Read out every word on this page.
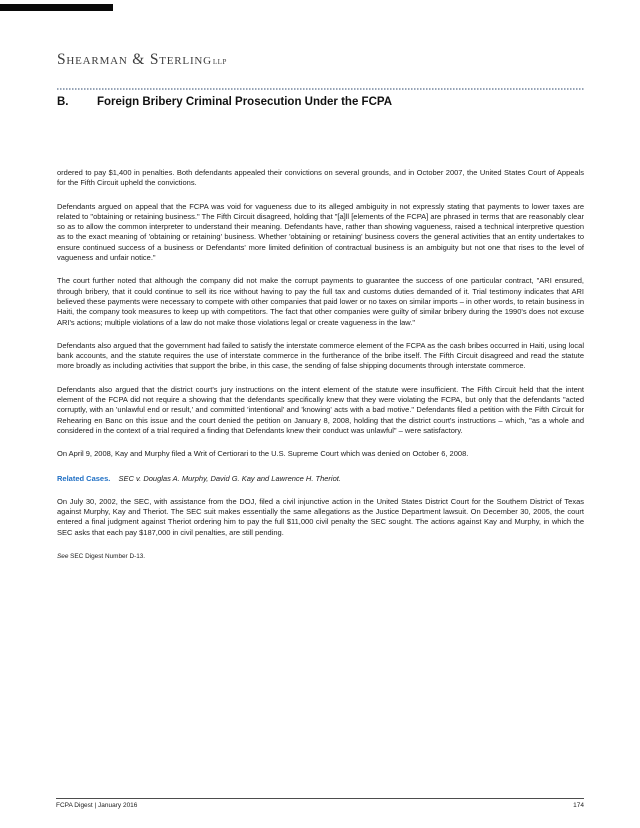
Shearman & SterlingLLP
B.	Foreign Bribery Criminal Prosecution Under the FCPA

ordered to pay $1,400 in penalties. Both defendants appealed their convictions on several grounds, and in October 2007, the United States Court of Appeals for the Fifth Circuit upheld the convictions.

Defendants argued on appeal that the FCPA was void for vagueness due to its alleged ambiguity in not expressly stating that payments to lower taxes are related to "obtaining or retaining business." The Fifth Circuit disagreed, holding that "[a]ll [elements of the FCPA] are phrased in terms that are reasonably clear so as to allow the common interpreter to understand their meaning. Defendants have, rather than showing vagueness, raised a technical interpretive question as to the exact meaning of 'obtaining or retaining' business. Whether 'obtaining or retaining' business covers the general activities that an entity undertakes to ensure continued success of a business or Defendants' more limited definition of contractual business is an ambiguity but not one that rises to the level of vagueness and unfair notice."

The court further noted that although the company did not make the corrupt payments to guarantee the success of one particular contract, "ARI ensured, through bribery, that it could continue to sell its rice without having to pay the full tax and customs duties demanded of it. Trial testimony indicates that ARI believed these payments were necessary to compete with other companies that paid lower or no taxes on similar imports – in other words, to retain business in Haiti, the company took measures to keep up with competitors. The fact that other companies were guilty of similar bribery during the 1990's does not excuse ARI's actions; multiple violations of a law do not make those violations legal or create vagueness in the law."

Defendants also argued that the government had failed to satisfy the interstate commerce element of the FCPA as the cash bribes occurred in Haiti, using local bank accounts, and the statute requires the use of interstate commerce in the furtherance of the bribe itself. The Fifth Circuit disagreed and read the statute more broadly as including activities that support the bribe, in this case, the sending of false shipping documents through interstate commerce.

Defendants also argued that the district court's jury instructions on the intent element of the statute were insufficient. The Fifth Circuit held that the intent element of the FCPA did not require a showing that the defendants specifically knew that they were violating the FCPA, but only that the defendants "acted corruptly, with an 'unlawful end or result,' and committed 'intentional' and 'knowing' acts with a bad motive." Defendants filed a petition with the Fifth Circuit for Rehearing en Banc on this issue and the court denied the petition on January 8, 2008, holding that the district court's instructions – which, "as a whole and considered in the context of a trial required a finding that Defendants knew their conduct was unlawful" – were satisfactory.

On April 9, 2008, Kay and Murphy filed a Writ of Certiorari to the U.S. Supreme Court which was denied on October 6, 2008.

Related Cases. SEC v. Douglas A. Murphy, David G. Kay and Lawrence H. Theriot.

On July 30, 2002, the SEC, with assistance from the DOJ, filed a civil injunctive action in the United States District Court for the Southern District of Texas against Murphy, Kay and Theriot. The SEC suit makes essentially the same allegations as the Justice Department lawsuit. On December 30, 2005, the court entered a final judgment against Theriot ordering him to pay the full $11,000 civil penalty the SEC sought. The actions against Kay and Murphy, in which the SEC asks that each pay $187,000 in civil penalties, are still pending.

See SEC Digest Number D-13.
FCPA Digest | January 2016	174
